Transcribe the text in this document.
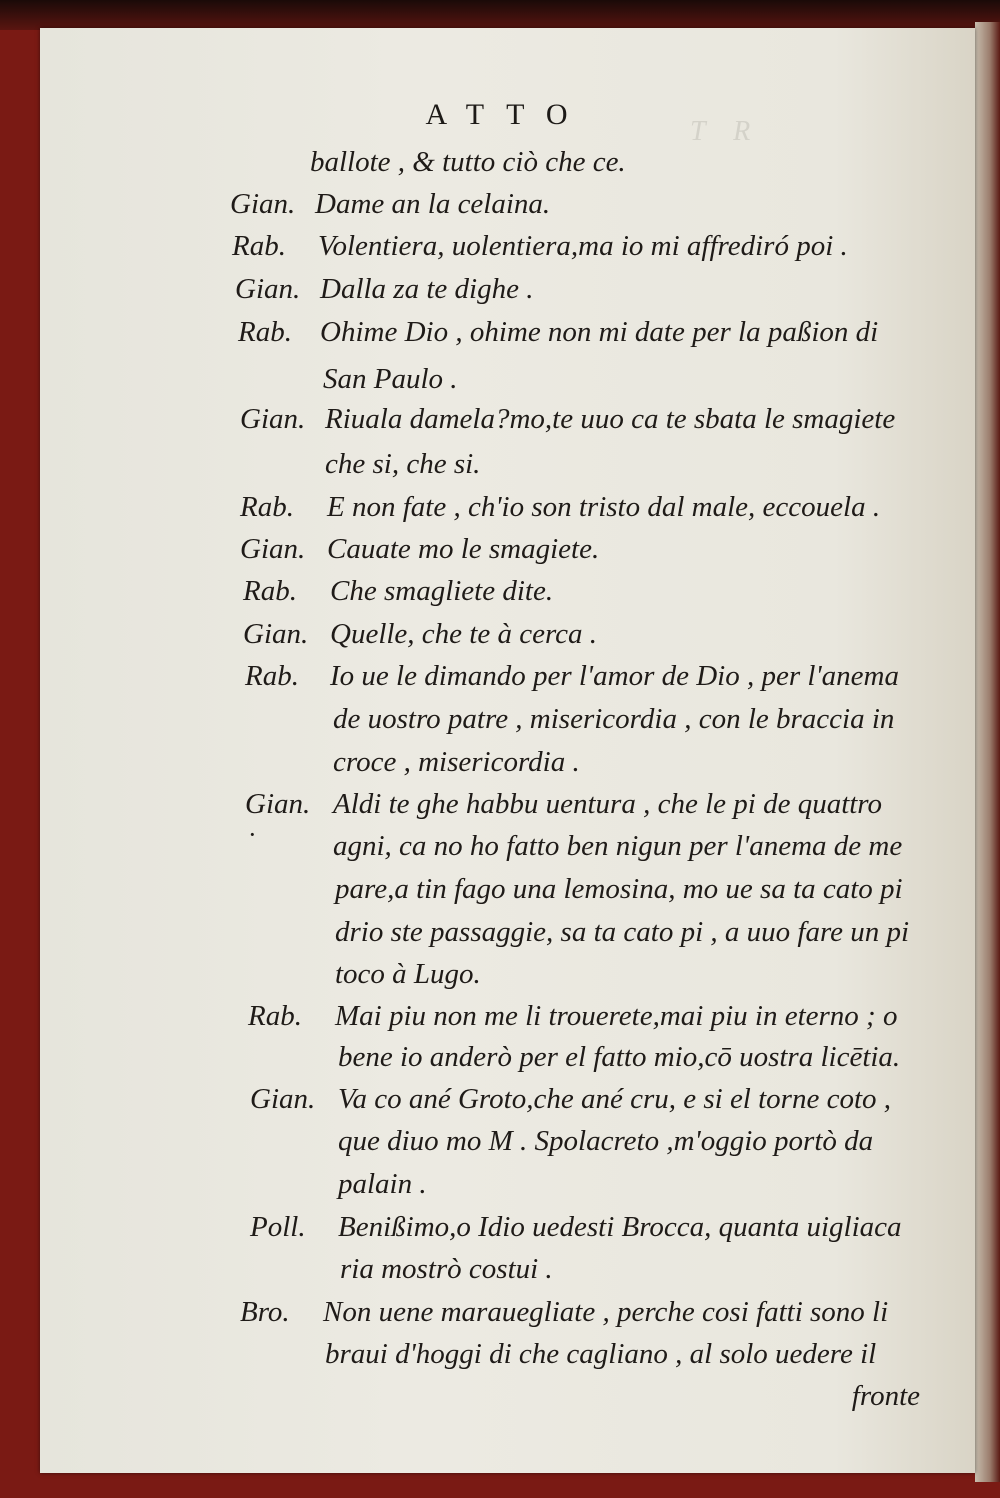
T    R
ATTO
ballote , & tutto ciò che ce.
Gian. Dame an la celaina.
Rab. Volentiera, uolentiera,ma io mi affrediró poi .
Gian. Dalla za te dighe .
Rab. Ohime Dio , ohime non mi date per la paßion di
San Paulo .
Gian. Riuala damela?mo,te uuo ca te sbata le smagiete
che si, che si.
Rab. E non fate , ch'io son tristo dal male, eccouela .
Gian. Cauate mo le smagiete.
Rab. Che smagliete dite.
Gian. Quelle, che te à cerca .
Rab. Io ue le dimando per l'amor de Dio , per l'anema
de uostro patre , misericordia , con le braccia in
croce , misericordia .
Gian. Aldi te ghe habbu uentura , che le pi de quattro
agni, ca no ho fatto ben nigun per l'anema de me
pare,a tin fago una lemosina, mo ue sa ta cato pi
drio ste passaggie, sa ta cato pi , a uuo fare un pi
toco à Lugo.
Rab. Mai piu non me li trouerete,mai piu in eterno ; o
bene io anderò per el fatto mio,cō uostra licētia.
Gian. Va co ané Groto,che ané cru, e si el torne coto ,
que diuo mo M . Spolacreto ,m'oggio portò da
palain .
Poll. Benißimo,o Idio uedesti Brocca, quanta uigliaca
ria mostrò costui .
Bro. Non uene marauegliate , perche cosi fatti sono li
braui d'hoggi di che cagliano , al solo uedere il
fronte
·
